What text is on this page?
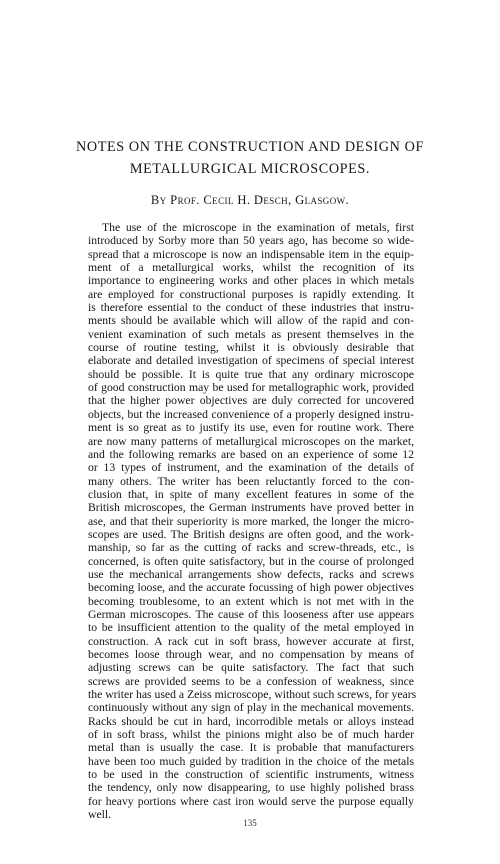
NOTES ON THE CONSTRUCTION AND DESIGN OF
METALLURGICAL MICROSCOPES.
By Prof. Cecil H. Desch, Glasgow.
The use of the microscope in the examination of metals, first
introduced by Sorby more than 50 years ago, has become so wide-
spread that a microscope is now an indispensable item in the equip-
ment of a metallurgical works, whilst the recognition of its
importance to engineering works and other places in which metals
are employed for constructional purposes is rapidly extending. It
is therefore essential to the conduct of these industries that instru-
ments should be available which will allow of the rapid and con-
venient examination of such metals as present themselves in the
course of routine testing, whilst it is obviously desirable that
elaborate and detailed investigation of specimens of special interest
should be possible. It is quite true that any ordinary microscope
of good construction may be used for metallographic work, provided
that the higher power objectives are duly corrected for uncovered
objects, but the increased convenience of a properly designed instru-
ment is so great as to justify its use, even for routine work. There
are now many patterns of metallurgical microscopes on the market,
and the following remarks are based on an experience of some 12
or 13 types of instrument, and the examination of the details of
many others. The writer has been reluctantly forced to the con-
clusion that, in spite of many excellent features in some of the
British microscopes, the German instruments have proved better in
ase, and that their superiority is more marked, the longer the micro-
scopes are used. The British designs are often good, and the work-
manship, so far as the cutting of racks and screw-threads, etc., is
concerned, is often quite satisfactory, but in the course of prolonged
use the mechanical arrangements show defects, racks and screws
becoming loose, and the accurate focussing of high power objectives
becoming troublesome, to an extent which is not met with in the
German microscopes. The cause of this looseness after use appears
to be insufficient attention to the quality of the metal employed in
construction. A rack cut in soft brass, however accurate at first,
becomes loose through wear, and no compensation by means of
adjusting screws can be quite satisfactory. The fact that such
screws are provided seems to be a confession of weakness, since
the writer has used a Zeiss microscope, without such screws, for years
continuously without any sign of play in the mechanical movements.
Racks should be cut in hard, incorrodible metals or alloys instead
of in soft brass, whilst the pinions might also be of much harder
metal than is usually the case. It is probable that manufacturers
have been too much guided by tradition in the choice of the metals
to be used in the construction of scientific instruments, witness
the tendency, only now disappearing, to use highly polished brass
for heavy portions where cast iron would serve the purpose equally
well.
135
